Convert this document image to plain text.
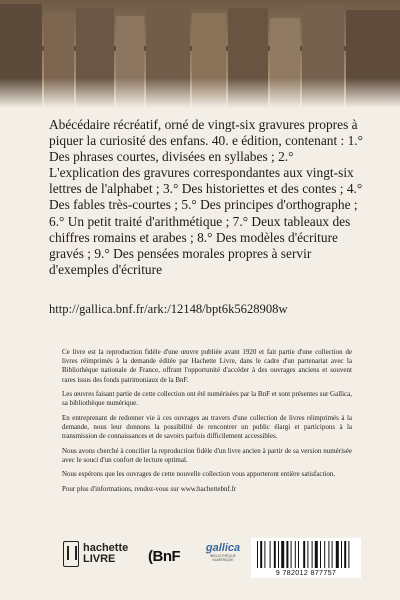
Abécédaire récréatif, orné de vingt-six gravures propres à piquer la curiosité des enfans. 40. e édition, contenant : 1.° Des phrases courtes, divisées en syllabes ; 2.° L'explication des gravures correspondantes aux vingt-six lettres de l'alphabet ; 3.° Des historiettes et des contes ; 4.° Des fables très-courtes ; 5.° Des principes d'orthographe ; 6.° Un petit traité d'arithmétique ; 7.° Deux tableaux des chiffres romains et arabes ; 8.° Des modèles d'écriture gravés ; 9.° Des pensées morales propres à servir d'exemples d'écriture

http://gallica.bnf.fr/ark:/12148/bpt6k5628908w

Ce livre est la reproduction fidèle d'une œuvre publiée avant 1920 et fait partie d'une collection de livres réimprimés à la demande éditée par Hachette Livre, dans le cadre d'un partenariat avec la Bibliothèque nationale de France, offrant l'opportunité d'accéder à des ouvrages anciens et souvent rares issus des fonds patrimoniaux de la BnF.

Les œuvres faisant partie de cette collection ont été numérisées par la BnF et sont présentes sur Gallica, sa bibliothèque numérique.

En entreprenant de redonner vie à ces ouvrages au travers d'une collection de livres réimprimés à la demande, nous leur donnons la possibilité de rencontrer un public élargi et participons à la transmission de connaissances et de savoirs parfois difficilement accessibles.

Nous avons cherché à concilier la reproduction fidèle d'un livre ancien à partir de sa version numérisée avec le souci d'un confort de lecture optimal.

Nous espérons que les ouvrages de cette nouvelle collection vous apporteront entière satisfaction.

Pour plus d'informations, rendez-vous sur www.hachettebnf.fr

hachette
LIVRE	(BnF gallica
BIBLIOTHÈQUE NUMÉRIQUE
9 782012 877757
